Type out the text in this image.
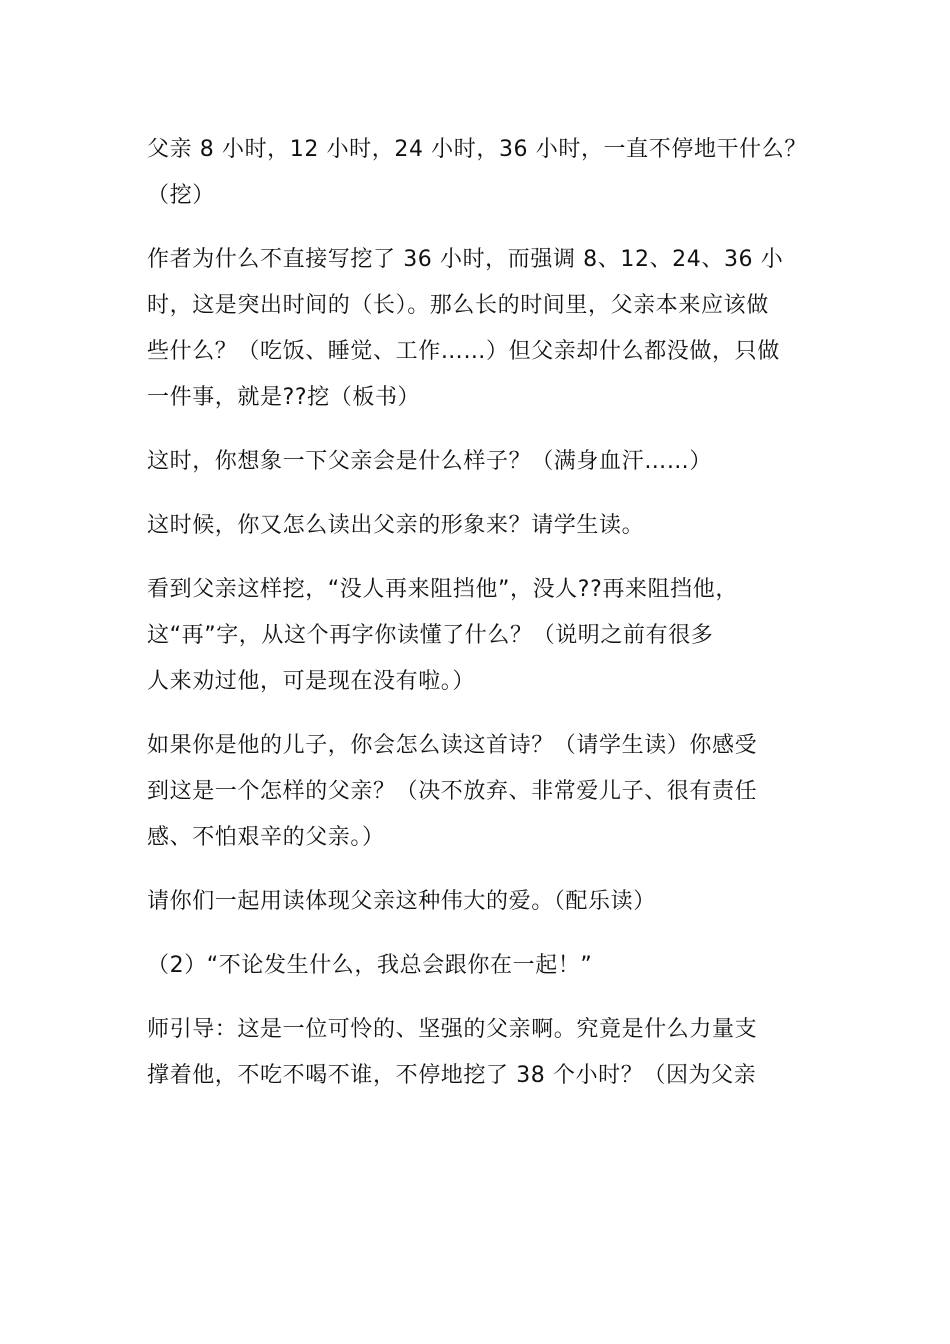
父亲 8 小时，12 小时，24 小时，36 小时，一直不停地干什么？
（挖）

作者为什么不直接写挖了 36 小时，而强调 8、12、24、36 小
时，这是突出时间的（长）。那么长的时间里，父亲本来应该做
些什么？（吃饭、睡觉、工作……）但父亲却什么都没做，只做
一件事，就是??挖（板书）

这时，你想象一下父亲会是什么样子？（满身血汗……）

这时候，你又怎么读出父亲的形象来？请学生读。

看到父亲这样挖，“没人再来阻挡他”，没人??再来阻挡他，
这“再”字，从这个再字你读懂了什么？（说明之前有很多
人来劝过他，可是现在没有啦。）

如果你是他的儿子，你会怎么读这首诗？（请学生读）你感受
到这是一个怎样的父亲？（决不放弃、非常爱儿子、很有责任
感、不怕艰辛的父亲。）

请你们一起用读体现父亲这种伟大的爱。（配乐读）

（2）“不论发生什么，我总会跟你在一起！”

师引导：这是一位可怜的、坚强的父亲啊。究竟是什么力量支
撑着他，不吃不喝不谁，不停地挖了 38 个小时？（因为父亲
